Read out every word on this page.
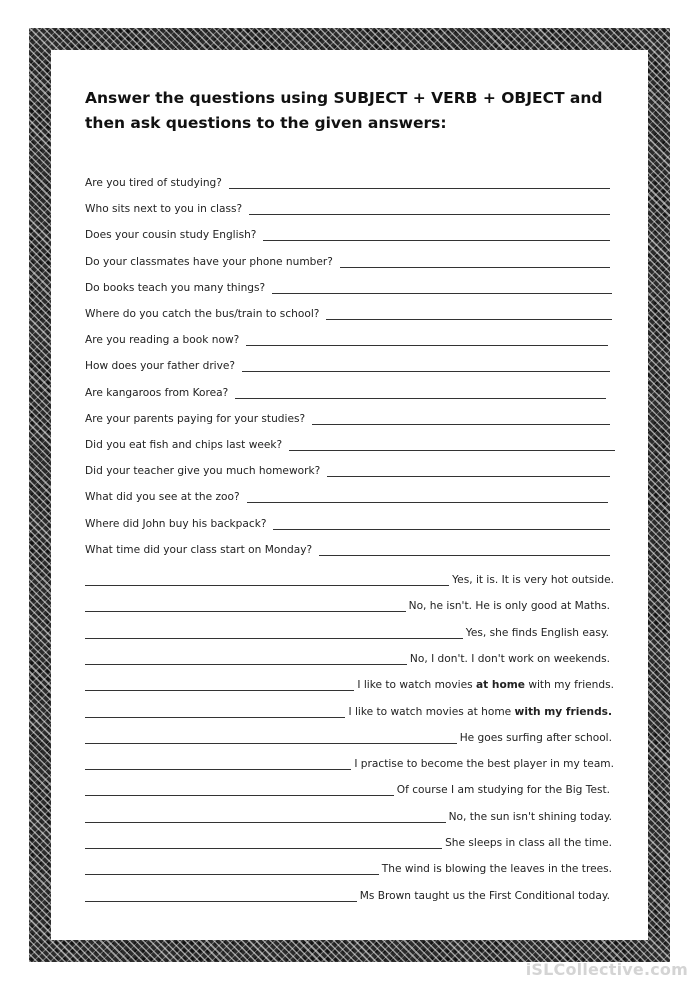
Answer the questions using SUBJECT + VERB + OBJECT and then ask questions to the given answers:
Are you tired of studying?
Who sits next to you in class?
Does your cousin study English?
Do your classmates have your phone number?
Do books teach you many things?
Where do you catch the bus/train to school?
Are you reading a book now?
How does your father drive?
Are kangaroos from Korea?
Are your parents paying for your studies?
Did you eat fish and chips last week?
Did your teacher give you much homework?
What did you see at the zoo?
Where did John buy his backpack?
What time did your class start on Monday?
Yes, it is. It is very hot outside.
No, he isn't. He is only good at Maths.
Yes, she finds English easy.
No, I don't. I don't work on weekends.
I like to watch movies at home with my friends.
I like to watch movies at home with my friends.
He goes surfing after school.
I practise to become the best player in my team.
Of course I am studying for the Big Test.
No, the sun isn't shining today.
She sleeps in class all the time.
The wind is blowing the leaves in the trees.
Ms Brown taught us the First Conditional today.
iSLCollective.com
